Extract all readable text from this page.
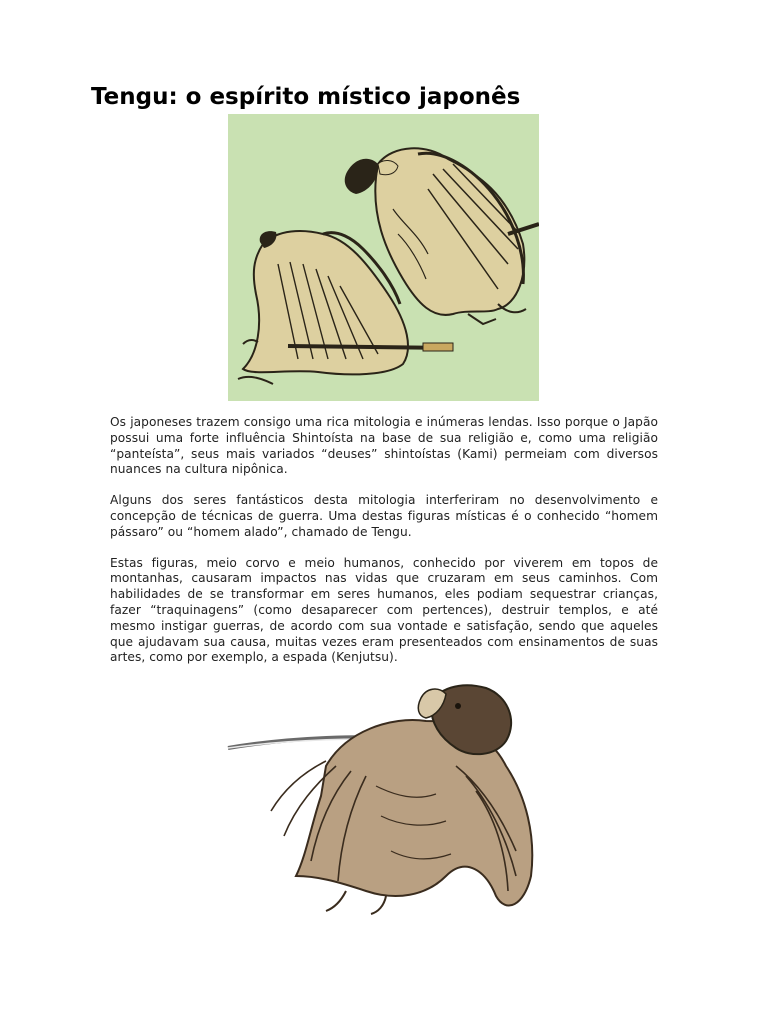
Tengu: o espírito místico japonês

Os japoneses trazem consigo uma rica mitologia e inúmeras lendas. Isso porque o Japão possui uma forte influência Shintoísta na base de sua religião e, como uma religião “panteísta”, seus mais variados “deuses” shintoístas (Kami) permeiam com diversos nuances na cultura nipônica.

Alguns dos seres fantásticos desta mitologia interferiram no desenvolvimento e concepção de técnicas de guerra. Uma destas figuras místicas é o conhecido “homem pássaro” ou “homem alado”, chamado de Tengu.

Estas figuras, meio corvo e meio humanos, conhecido por viverem em topos de montanhas, causaram impactos nas vidas que cruzaram em seus caminhos. Com habilidades de se transformar em seres humanos, eles podiam sequestrar crianças, fazer “traquinagens” (como desaparecer com pertences), destruir templos, e até mesmo instigar guerras, de acordo com sua vontade e satisfação, sendo que aqueles que ajudavam sua causa, muitas vezes eram presenteados com ensinamentos de suas artes, como por exemplo, a espada (Kenjutsu).
